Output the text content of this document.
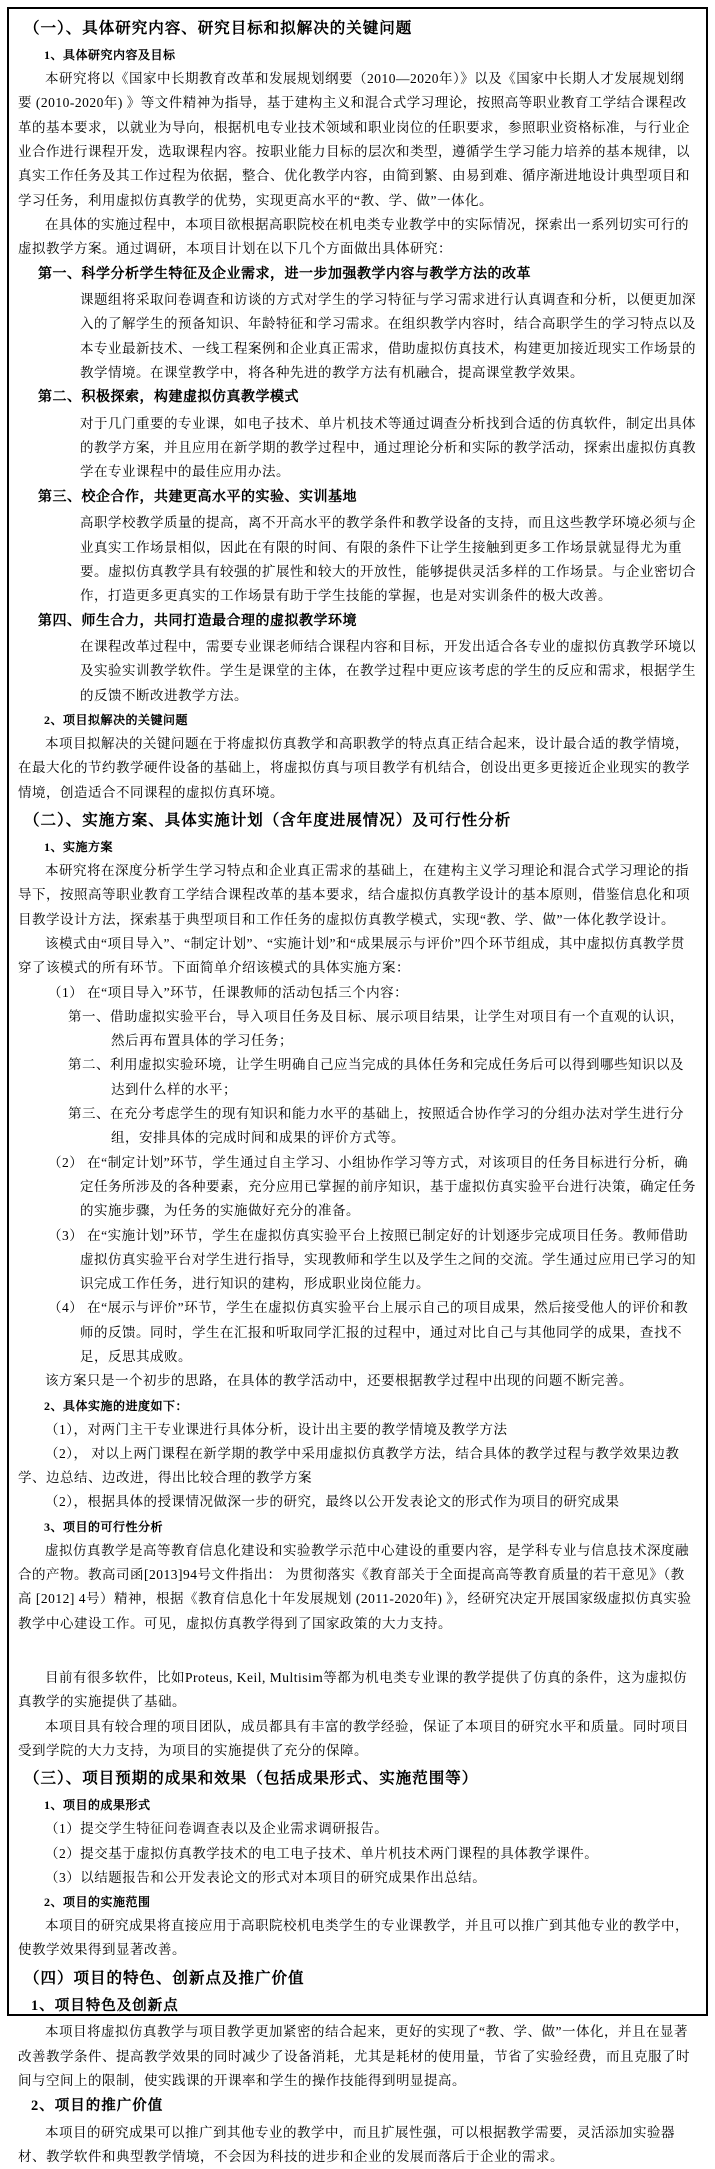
（一）、具体研究内容、研究目标和拟解决的关键问题
1、具体研究内容及目标
本研究将以《国家中长期教育改革和发展规划纲要（2010—2020年）》以及《国家中长期人才发展规划纲要 (2010-2020年) 》等文件精神为指导，基于建构主义和混合式学习理论，按照高等职业教育工学结合课程改革的基本要求，以就业为导向，根据机电专业技术领域和职业岗位的任职要求，参照职业资格标准，与行业企业合作进行课程开发，选取课程内容。按职业能力目标的层次和类型，遵循学生学习能力培养的基本规律，以真实工作任务及其工作过程为依据，整合、优化教学内容，由简到繁、由易到难、循序渐进地设计典型项目和学习任务，利用虚拟仿真教学的优势，实现更高水平的“教、学、做”一体化。
在具体的实施过程中，本项目欲根据高职院校在机电类专业教学中的实际情况，探索出一系列切实可行的虚拟教学方案。通过调研，本项目计划在以下几个方面做出具体研究：
第一、科学分析学生特征及企业需求，进一步加强教学内容与教学方法的改革
课题组将采取问卷调查和访谈的方式对学生的学习特征与学习需求进行认真调查和分析，以便更加深入的了解学生的预备知识、年龄特征和学习需求。在组织教学内容时，结合高职学生的学习特点以及本专业最新技术、一线工程案例和企业真正需求，借助虚拟仿真技术，构建更加接近现实工作场景的教学情境。在课堂教学中，将各种先进的教学方法有机融合，提高课堂教学效果。
第二、积极探索，构建虚拟仿真教学模式
对于几门重要的专业课，如电子技术、单片机技术等通过调查分析找到合适的仿真软件，制定出具体的教学方案，并且应用在新学期的教学过程中，通过理论分析和实际的教学活动，探索出虚拟仿真教学在专业课程中的最佳应用办法。
第三、校企合作，共建更高水平的实验、实训基地
高职学校教学质量的提高，离不开高水平的教学条件和教学设备的支持，而且这些教学环境必须与企业真实工作场景相似，因此在有限的时间、有限的条件下让学生接触到更多工作场景就显得尤为重要。虚拟仿真教学具有较强的扩展性和较大的开放性，能够提供灵活多样的工作场景。与企业密切合作，打造更多更真实的工作场景有助于学生技能的掌握，也是对实训条件的极大改善。
第四、师生合力，共同打造最合理的虚拟教学环境
在课程改革过程中，需要专业课老师结合课程内容和目标，开发出适合各专业的虚拟仿真教学环境以及实验实训教学软件。学生是课堂的主体，在教学过程中更应该考虑的学生的反应和需求，根据学生的反馈不断改进教学方法。
2、项目拟解决的关键问题
本项目拟解决的关键问题在于将虚拟仿真教学和高职教学的特点真正结合起来，设计最合适的教学情境，在最大化的节约教学硬件设备的基础上，将虚拟仿真与项目教学有机结合，创设出更多更接近企业现实的教学情境，创造适合不同课程的虚拟仿真环境。
（二）、实施方案、具体实施计划（含年度进展情况）及可行性分析
1、实施方案
本研究将在深度分析学生学习特点和企业真正需求的基础上，在建构主义学习理论和混合式学习理论的指导下，按照高等职业教育工学结合课程改革的基本要求，结合虚拟仿真教学设计的基本原则，借鉴信息化和项目教学设计方法，探索基于典型项目和工作任务的虚拟仿真教学模式，实现“教、学、做”一体化教学设计。
该模式由“项目导入”、“制定计划”、“实施计划”和“成果展示与评价”四个环节组成，其中虚拟仿真教学贯穿了该模式的所有环节。下面简单介绍该模式的具体实施方案：
（1） 在“项目导入”环节，任课教师的活动包括三个内容：
第一、借助虚拟实验平台，导入项目任务及目标、展示项目结果，让学生对项目有一个直观的认识，然后再布置具体的学习任务；
第二、利用虚拟实验环境，让学生明确自己应当完成的具体任务和完成任务后可以得到哪些知识以及达到什么样的水平；
第三、在充分考虑学生的现有知识和能力水平的基础上，按照适合协作学习的分组办法对学生进行分组，安排具体的完成时间和成果的评价方式等。
（2） 在“制定计划”环节，学生通过自主学习、小组协作学习等方式，对该项目的任务目标进行分析，确定任务所涉及的各种要素，充分应用已掌握的前序知识，基于虚拟仿真实验平台进行决策，确定任务的实施步骤，为任务的实施做好充分的准备。
（3） 在“实施计划”环节，学生在虚拟仿真实验平台上按照已制定好的计划逐步完成项目任务。教师借助虚拟仿真实验平台对学生进行指导，实现教师和学生以及学生之间的交流。学生通过应用已学习的知识完成工作任务，进行知识的建构，形成职业岗位能力。
（4） 在“展示与评价”环节，学生在虚拟仿真实验平台上展示自己的项目成果，然后接受他人的评价和教师的反馈。同时，学生在汇报和听取同学汇报的过程中，通过对比自己与其他同学的成果，查找不足，反思其成败。
该方案只是一个初步的思路，在具体的教学活动中，还要根据教学过程中出现的问题不断完善。
2、具体实施的进度如下：
（1），对两门主干专业课进行具体分析，设计出主要的教学情境及教学方法
（2）， 对以上两门课程在新学期的教学中采用虚拟仿真教学方法，结合具体的教学过程与教学效果边教学、边总结、边改进，得出比较合理的教学方案
（2），根据具体的授课情况做深一步的研究，最终以公开发表论文的形式作为项目的研究成果
3、项目的可行性分析
虚拟仿真教学是高等教育信息化建设和实验教学示范中心建设的重要内容，是学科专业与信息技术深度融合的产物。教高司函[2013]94号文件指出： 为贯彻落实《教育部关于全面提高高等教育质量的若干意见》（教高 [2012] 4号）精神，根据《教育信息化十年发展规划 (2011-2020年) 》，经研究决定开展国家级虚拟仿真实验教学中心建设工作。可见，虚拟仿真教学得到了国家政策的大力支持。
目前有很多软件，比如Proteus, Keil, Multisim等都为机电类专业课的教学提供了仿真的条件，这为虚拟仿真教学的实施提供了基础。
本项目具有较合理的项目团队，成员都具有丰富的教学经验，保证了本项目的研究水平和质量。同时项目受到学院的大力支持，为项目的实施提供了充分的保障。
（三）、项目预期的成果和效果（包括成果形式、实施范围等）
1、项目的成果形式
（1）提交学生特征问卷调查表以及企业需求调研报告。
（2）提交基于虚拟仿真教学技术的电工电子技术、单片机技术两门课程的具体教学课件。
（3）以结题报告和公开发表论文的形式对本项目的研究成果作出总结。
2、项目的实施范围
本项目的研究成果将直接应用于高职院校机电类学生的专业课教学，并且可以推广到其他专业的教学中，使教学效果得到显著改善。
（四）项目的特色、创新点及推广价值
1、项目特色及创新点
本项目将虚拟仿真教学与项目教学更加紧密的结合起来，更好的实现了“教、学、做”一体化，并且在显著改善教学条件、提高教学效果的同时减少了设备消耗，尤其是耗材的使用量，节省了实验经费，而且克服了时间与空间上的限制，使实践课的开课率和学生的操作技能得到明显提高。
2、项目的推广价值
本项目的研究成果可以推广到其他专业的教学中，而且扩展性强，可以根据教学需要，灵活添加实验器材、教学软件和典型教学情境，不会因为科技的进步和企业的发展而落后于企业的需求。
